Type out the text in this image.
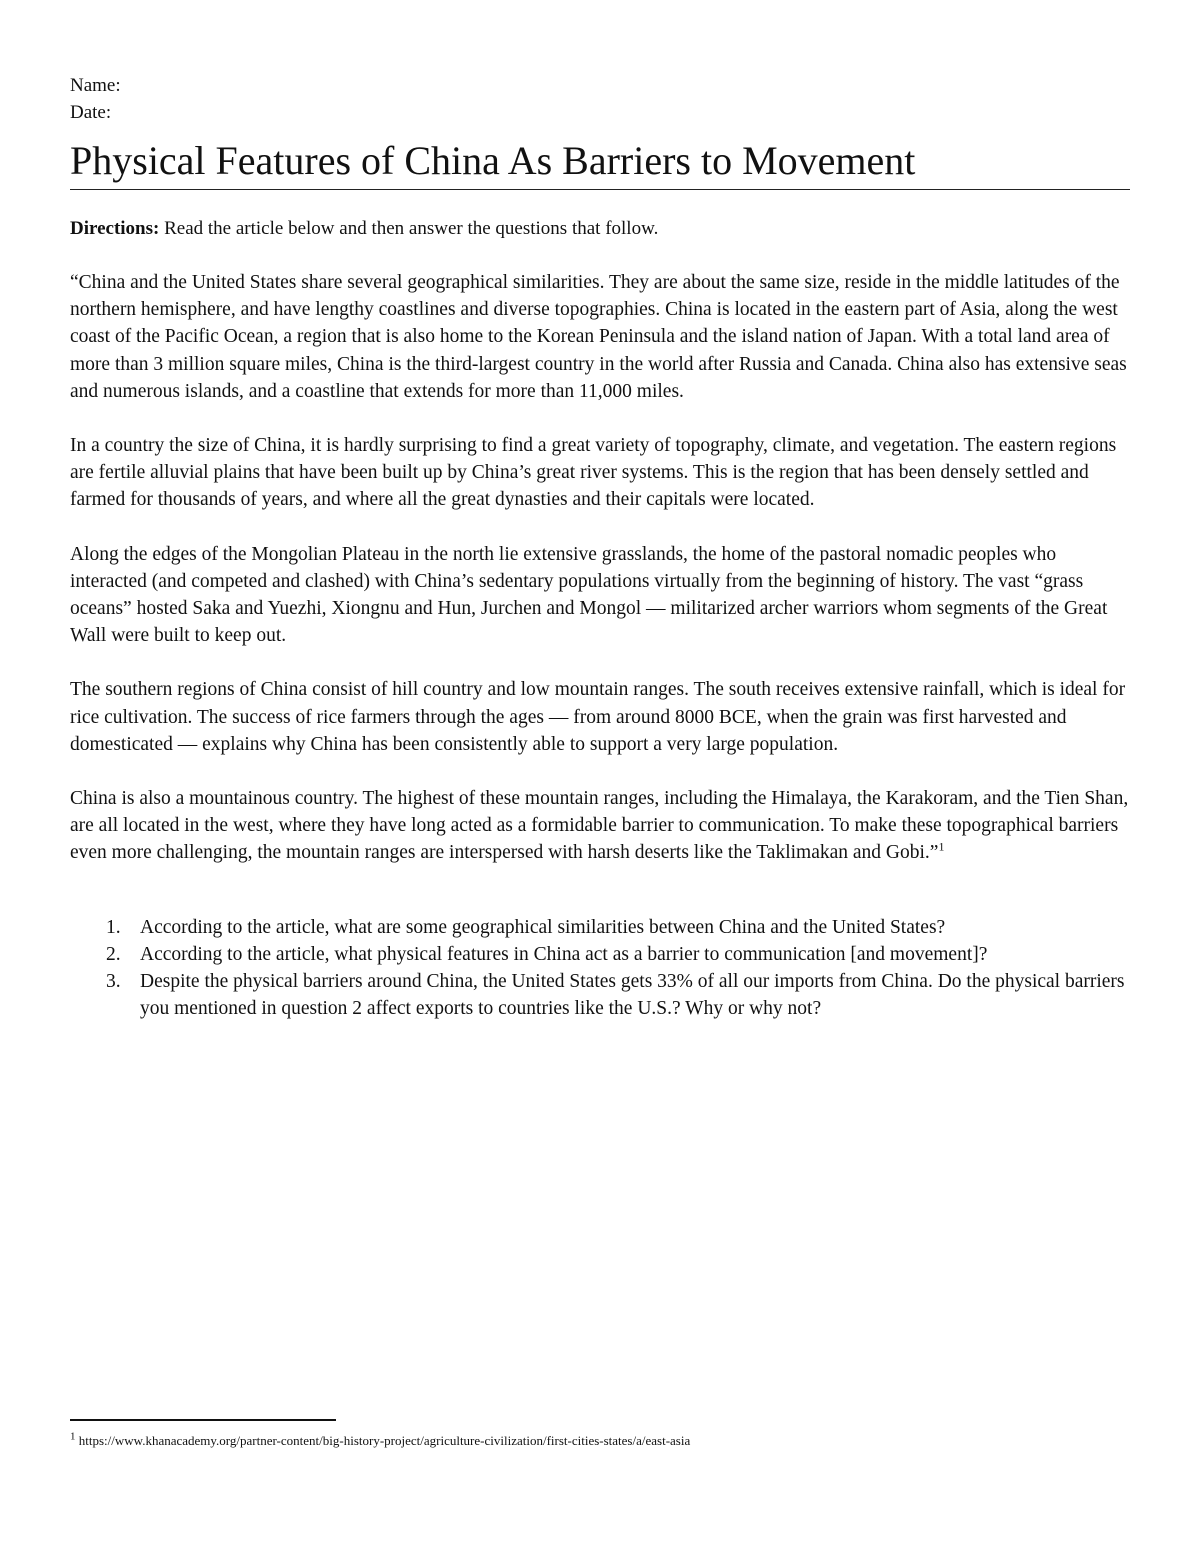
Name:

Date:

Physical Features of China As Barriers to Movement

Directions: Read the article below and then answer the questions that follow.

“China and the United States share several geographical similarities. They are about the same size, reside in the middle latitudes of the northern hemisphere, and have lengthy coastlines and diverse topographies. China is located in the eastern part of Asia, along the west coast of the Pacific Ocean, a region that is also home to the Korean Peninsula and the island nation of Japan. With a total land area of more than 3 million square miles, China is the third-largest country in the world after Russia and Canada. China also has extensive seas and numerous islands, and a coastline that extends for more than 11,000 miles.

In a country the size of China, it is hardly surprising to find a great variety of topography, climate, and vegetation. The eastern regions are fertile alluvial plains that have been built up by China’s great river systems. This is the region that has been densely settled and farmed for thousands of years, and where all the great dynasties and their capitals were located.

Along the edges of the Mongolian Plateau in the north lie extensive grasslands, the home of the pastoral nomadic peoples who interacted (and competed and clashed) with China’s sedentary populations virtually from the beginning of history. The vast “grass oceans” hosted Saka and Yuezhi, Xiongnu and Hun, Jurchen and Mongol — militarized archer warriors whom segments of the Great Wall were built to keep out.

The southern regions of China consist of hill country and low mountain ranges. The south receives extensive rainfall, which is ideal for rice cultivation. The success of rice farmers through the ages — from around 8000 BCE, when the grain was first harvested and domesticated — explains why China has been consistently able to support a very large population.

China is also a mountainous country. The highest of these mountain ranges, including the Himalaya, the Karakoram, and the Tien Shan, are all located in the west, where they have long acted as a formidable barrier to communication. To make these topographical barriers even more challenging, the mountain ranges are interspersed with harsh deserts like the Taklimakan and Gobi.”$^1$

1. According to the article, what are some geographical similarities between China and the United States?
2. According to the article, what physical features in China act as a barrier to communication [and movement]?
3. Despite the physical barriers around China, the United States gets 33% of all our imports from China. Do the physical barriers you mentioned in question 2 affect exports to countries like the U.S.? Why or why not?
$^1$ https://www.khanacademy.org/partner-content/big-history-project/agriculture-civilization/first-cities-states/a/east-asia
